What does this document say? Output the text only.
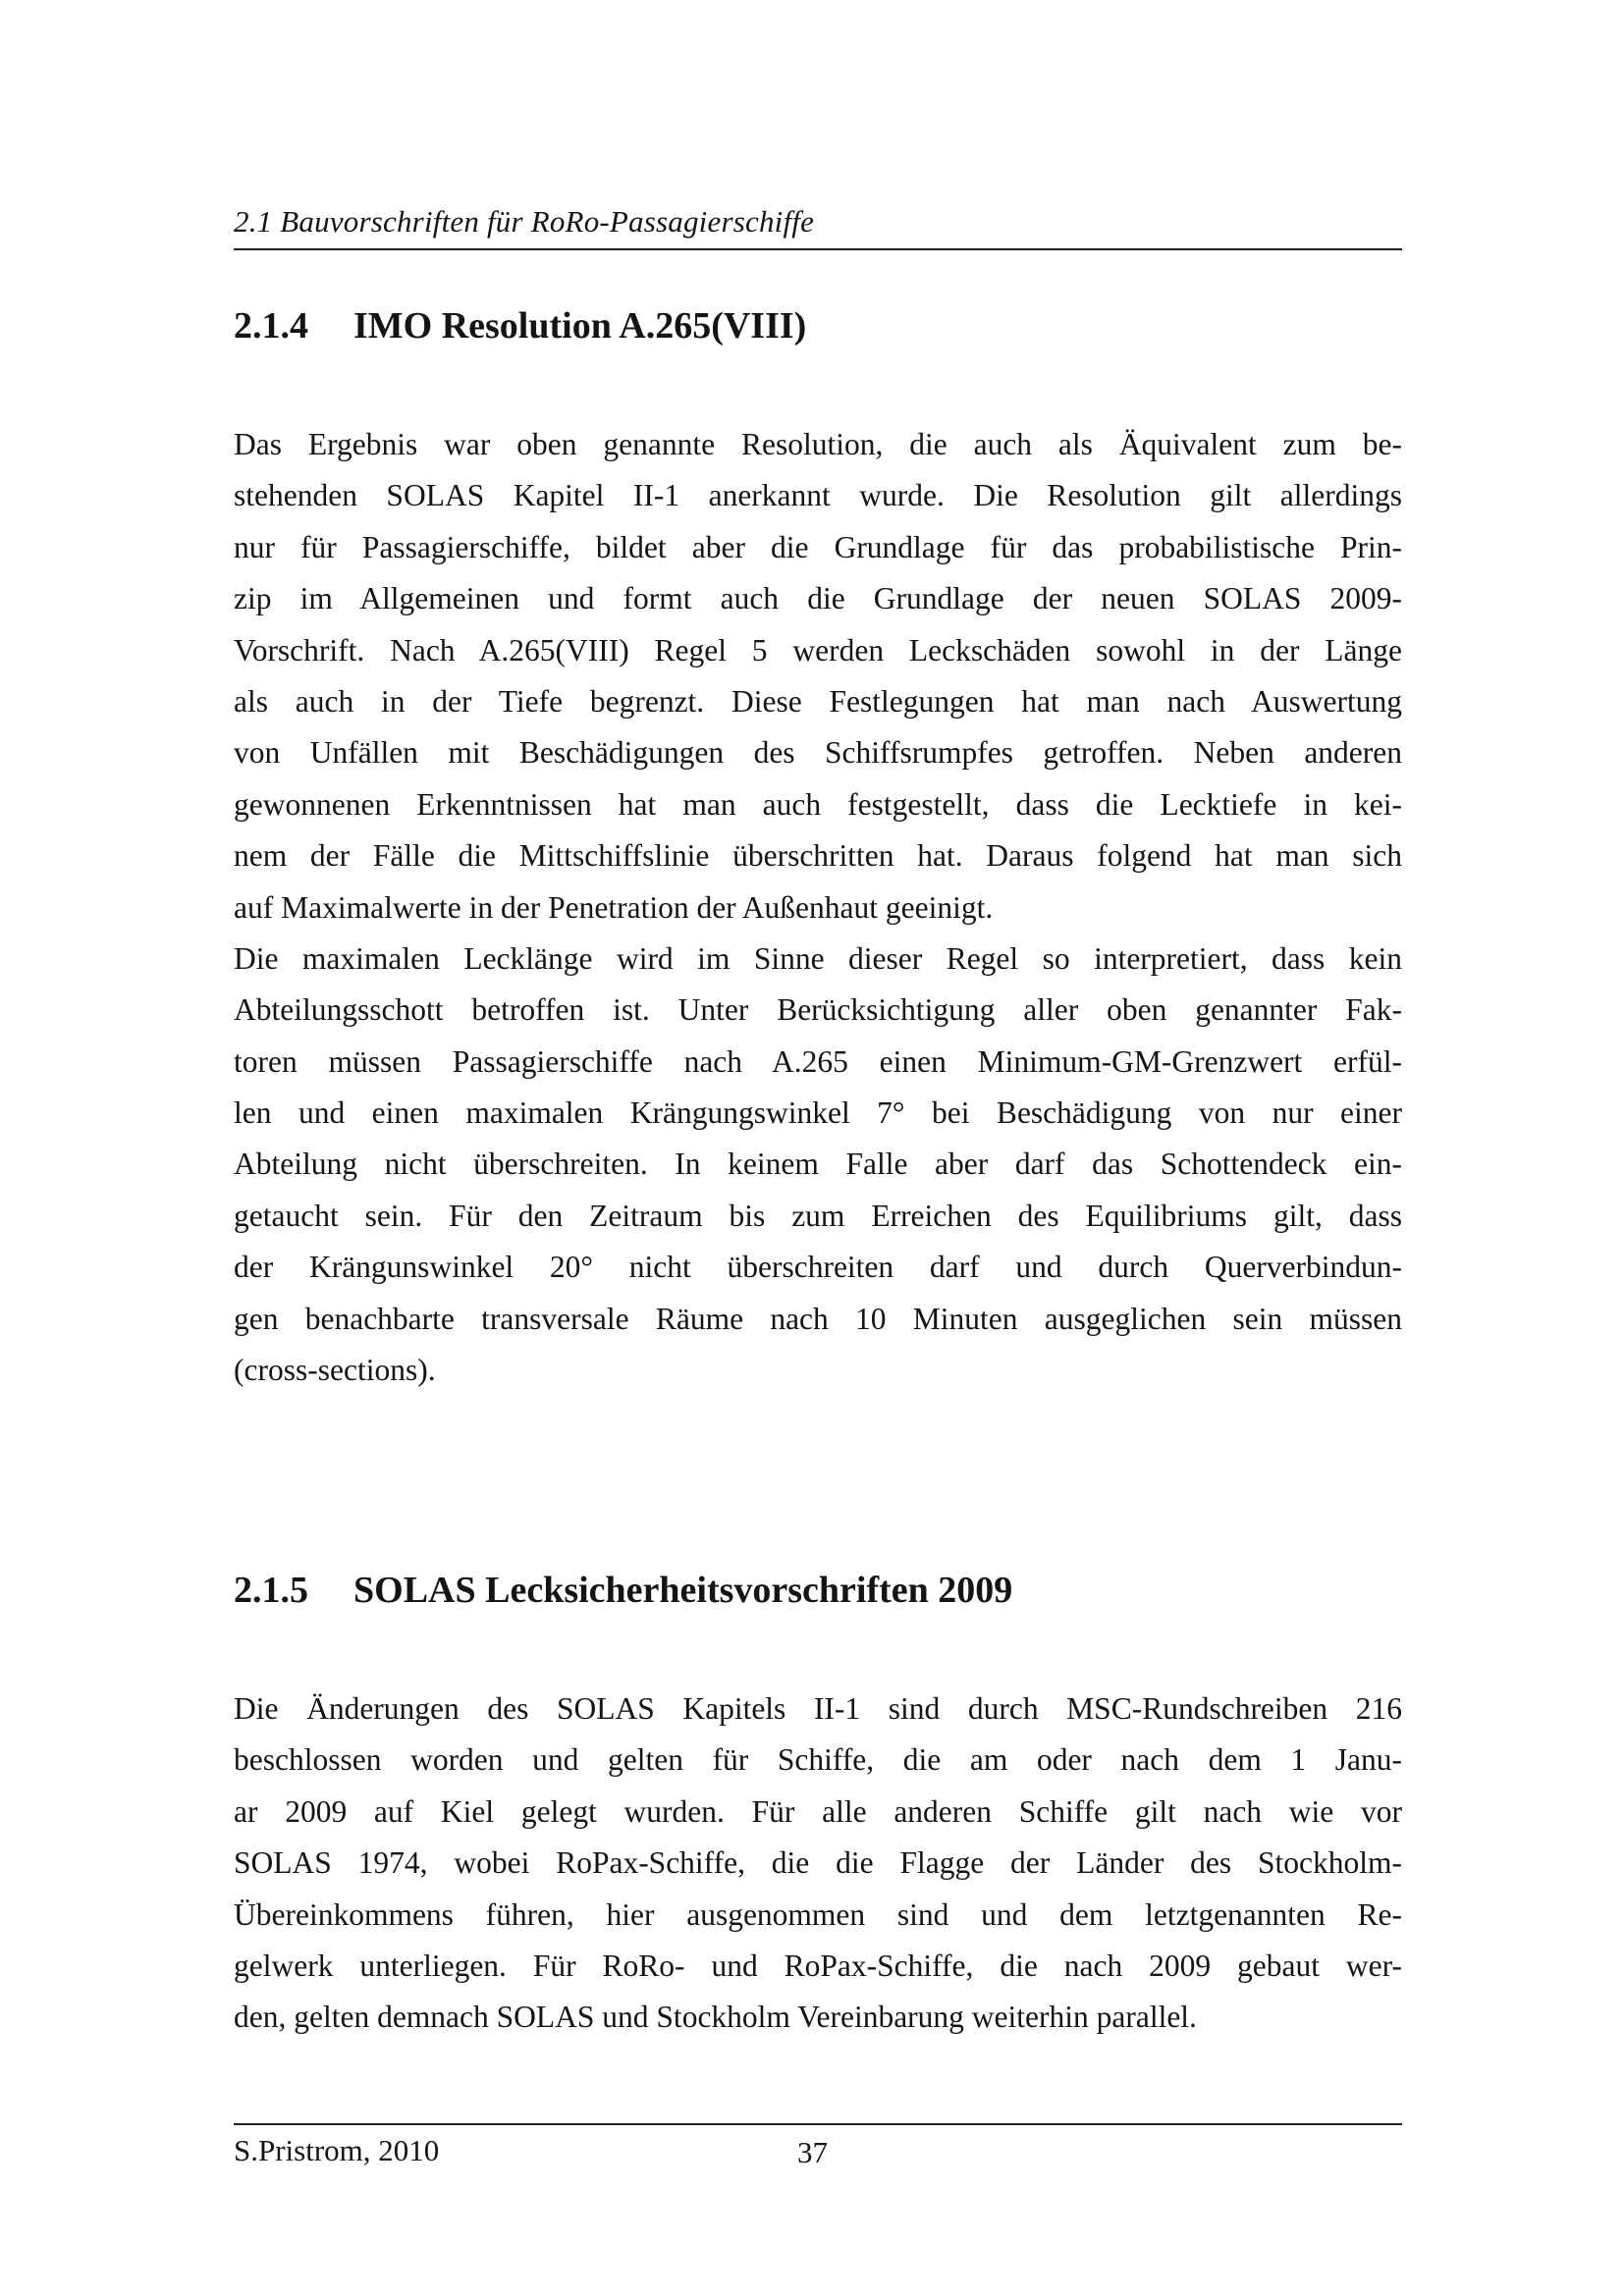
2.1 Bauvorschriften für RoRo-Passagierschiffe
2.1.4 IMO Resolution A.265(VIII)
Das Ergebnis war oben genannte Resolution, die auch als Äquivalent zum be-
stehenden SOLAS Kapitel II-1 anerkannt wurde. Die Resolution gilt allerdings
nur für Passagierschiffe, bildet aber die Grundlage für das probabilistische Prin-
zip im Allgemeinen und formt auch die Grundlage der neuen SOLAS 2009-
Vorschrift. Nach A.265(VIII) Regel 5 werden Leckschäden sowohl in der Länge
als auch in der Tiefe begrenzt. Diese Festlegungen hat man nach Auswertung
von Unfällen mit Beschädigungen des Schiffsrumpfes getroffen. Neben anderen
gewonnenen Erkenntnissen hat man auch festgestellt, dass die Lecktiefe in kei-
nem der Fälle die Mittschiffslinie überschritten hat. Daraus folgend hat man sich
auf Maximalwerte in der Penetration der Außenhaut geeinigt.
Die maximalen Lecklänge wird im Sinne dieser Regel so interpretiert, dass kein
Abteilungsschott betroffen ist. Unter Berücksichtigung aller oben genannter Fak-
toren müssen Passagierschiffe nach A.265 einen Minimum-GM-Grenzwert erfül-
len und einen maximalen Krängungswinkel 7° bei Beschädigung von nur einer
Abteilung nicht überschreiten. In keinem Falle aber darf das Schottendeck ein-
getaucht sein. Für den Zeitraum bis zum Erreichen des Equilibriums gilt, dass
der Krängunswinkel 20° nicht überschreiten darf und durch Querverbindun-
gen benachbarte transversale Räume nach 10 Minuten ausgeglichen sein müssen
(cross-sections).
2.1.5 SOLAS Lecksicherheitsvorschriften 2009
Die Änderungen des SOLAS Kapitels II-1 sind durch MSC-Rundschreiben 216
beschlossen worden und gelten für Schiffe, die am oder nach dem 1 Janu-
ar 2009 auf Kiel gelegt wurden. Für alle anderen Schiffe gilt nach wie vor
SOLAS 1974, wobei RoPax-Schiffe, die die Flagge der Länder des Stockholm-
Übereinkommens führen, hier ausgenommen sind und dem letztgenannten Re-
gelwerk unterliegen. Für RoRo- und RoPax-Schiffe, die nach 2009 gebaut wer-
den, gelten demnach SOLAS und Stockholm Vereinbarung weiterhin parallel.
S.Pristrom, 2010	37
